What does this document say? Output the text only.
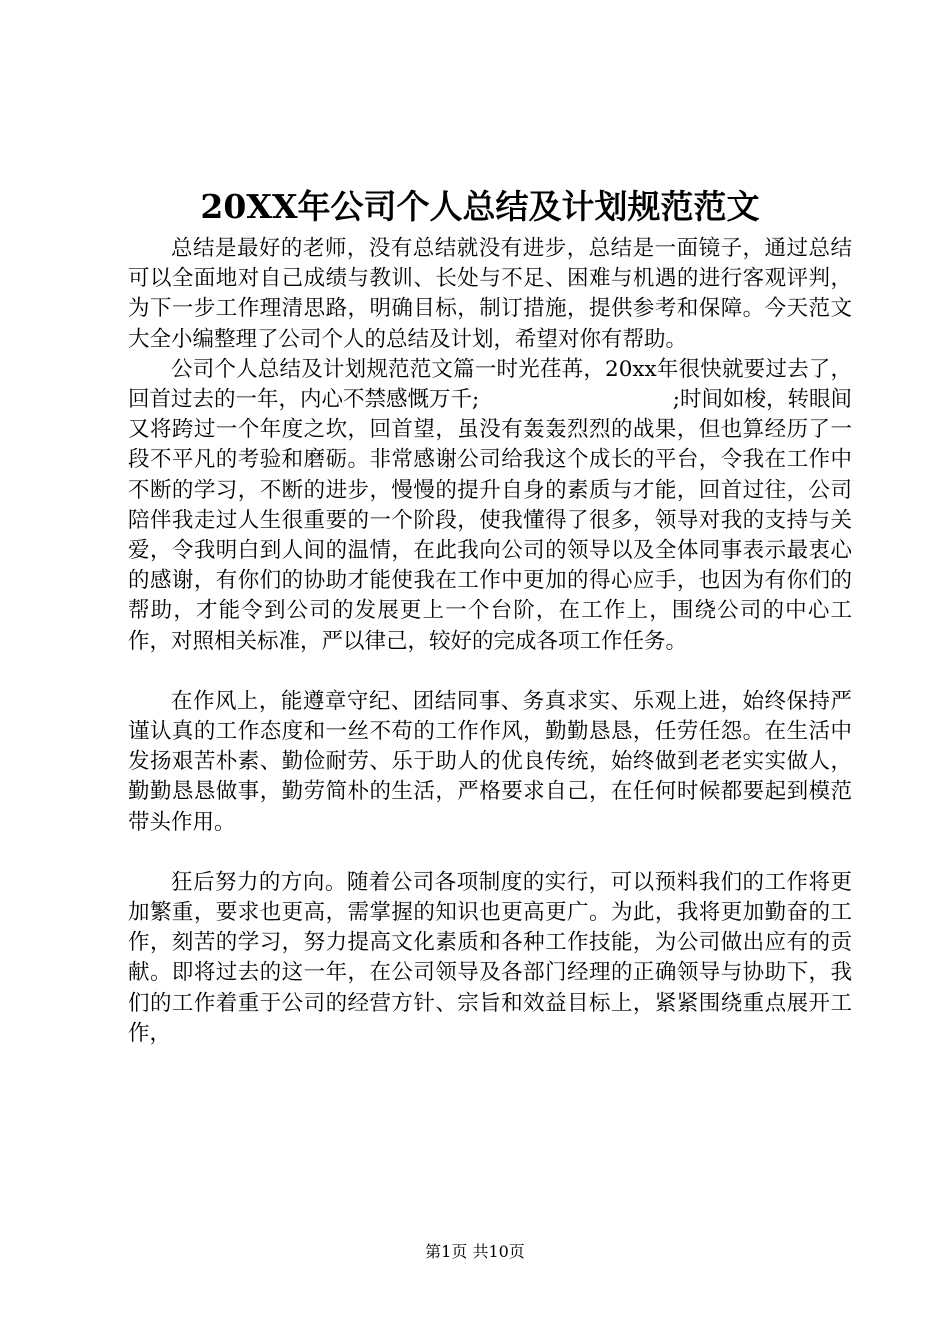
20XX年公司个人总结及计划规范范文

总结是最好的老师，没有总结就没有进步，总结是一面镜子，通过总结可以全面地对自己成绩与教训、长处与不足、困难与机遇的进行客观评判，为下一步工作理清思路，明确目标，制订措施，提供参考和保障。今天范文大全小编整理了公司个人的总结及计划，希望对你有帮助。

公司个人总结及计划规范范文篇一时光荏苒，20xx年很快就要过去了，回首过去的一年，内心不禁感慨万千;　　　　　　　　　;时间如梭，转眼间又将跨过一个年度之坎，回首望，虽没有轰轰烈烈的战果，但也算经历了一段不平凡的考验和磨砺。非常感谢公司给我这个成长的平台，令我在工作中不断的学习，不断的进步，慢慢的提升自身的素质与才能，回首过往，公司陪伴我走过人生很重要的一个阶段，使我懂得了很多，领导对我的支持与关爱，令我明白到人间的温情，在此我向公司的领导以及全体同事表示最衷心的感谢，有你们的协助才能使我在工作中更加的得心应手，也因为有你们的帮助，才能令到公司的发展更上一个台阶，在工作上，围绕公司的中心工作，对照相关标准，严以律己，较好的完成各项工作任务。

在作风上，能遵章守纪、团结同事、务真求实、乐观上进，始终保持严谨认真的工作态度和一丝不苟的工作作风，勤勤恳恳，任劳任怨。在生活中发扬艰苦朴素、勤俭耐劳、乐于助人的优良传统，始终做到老老实实做人，勤勤恳恳做事，勤劳简朴的生活，严格要求自己，在任何时候都要起到模范带头作用。

狂后努力的方向。随着公司各项制度的实行，可以预料我们的工作将更加繁重，要求也更高，需掌握的知识也更高更广。为此，我将更加勤奋的工作，刻苦的学习，努力提高文化素质和各种工作技能，为公司做出应有的贡献。即将过去的这一年，在公司领导及各部门经理的正确领导与协助下，我们的工作着重于公司的经营方针、宗旨和效益目标上，紧紧围绕重点展开工作，

第1页 共10页
